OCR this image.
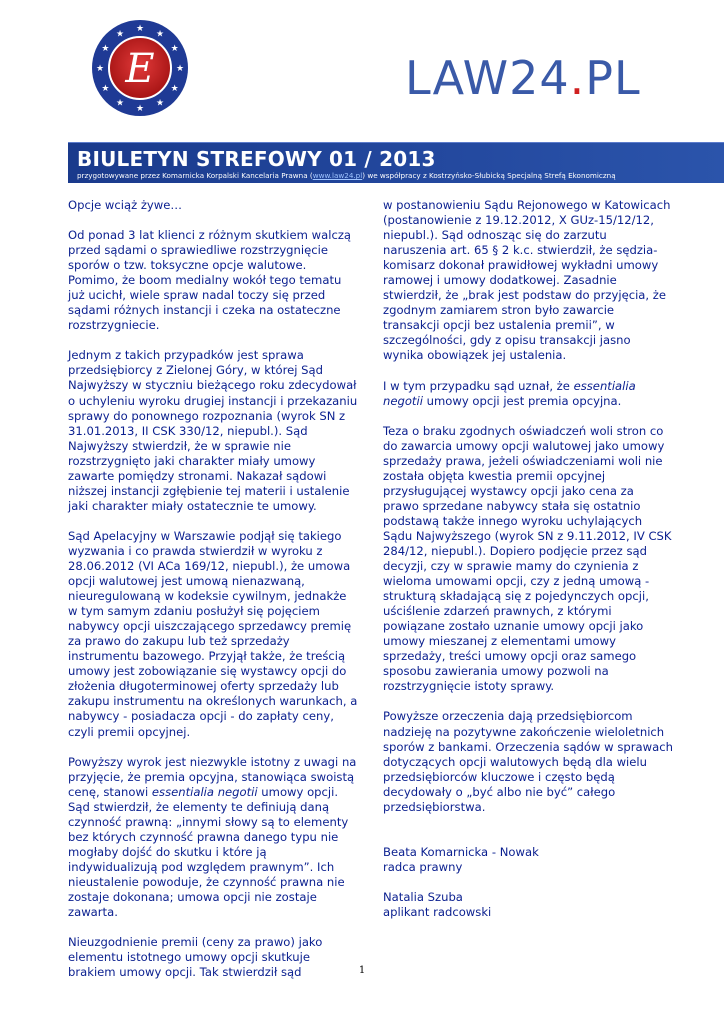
★
★
★
★
★
★
★
★
★
★
★
★
E	LAW24.PL
BIULETYN STREFOWY 01 / 2013
przygotowywane przez Komarnicka Korpalski Kancelaria Prawna (www.law24.pl) we współpracy z Kostrzyńsko-Słubicką Specjalną Strefą Ekonomiczną

Opcje wciąż żywe…

Od ponad 3 lat klienci z różnym skutkiem walczą przed sądami o sprawiedliwe rozstrzygnięcie sporów o tzw. toksyczne opcje walutowe. Pomimo, że boom medialny wokół tego tematu już ucichł, wiele spraw nadal toczy się przed sądami różnych instancji i czeka na ostateczne rozstrzygniecie.

Jednym z takich przypadków jest sprawa przedsiębiorcy z Zielonej Góry, w której Sąd Najwyższy w styczniu bieżącego roku zdecydował o uchyleniu wyroku drugiej instancji i przekazaniu sprawy do ponownego rozpoznania (wyrok SN z 31.01.2013, II CSK 330/12, niepubl.). Sąd Najwyższy stwierdził, że w sprawie nie rozstrzygnięto jaki charakter miały umowy zawarte pomiędzy stronami. Nakazał sądowi niższej instancji zgłębienie tej materii i ustalenie jaki charakter miały ostatecznie te umowy.

Sąd Apelacyjny w Warszawie podjął się takiego wyzwania i co prawda stwierdził w wyroku z 28.06.2012 (VI ACa 169/12, niepubl.), że umowa opcji walutowej jest umową nienazwaną, nieuregulowaną w kodeksie cywilnym, jednakże w tym samym zdaniu posłużył się pojęciem nabywcy opcji uiszczającego sprzedawcy premię za prawo do zakupu lub też sprzedaży instrumentu bazowego. Przyjął także, że treścią umowy jest zobowiązanie się wystawcy opcji do złożenia długoterminowej oferty sprzedaży lub zakupu instrumentu na określonych warunkach, a nabywcy - posiadacza opcji - do zapłaty ceny, czyli premii opcyjnej.

Powyższy wyrok jest niezwykle istotny z uwagi na przyjęcie, że premia opcyjna, stanowiąca swoistą cenę, stanowi essentialia negotii umowy opcji. Sąd stwierdził, że elementy te definiują daną czynność prawną: „innymi słowy są to elementy bez których czynność prawna danego typu nie mogłaby dojść do skutku i które ją indywidualizują pod względem prawnym”. Ich nieustalenie powoduje, że czynność prawna nie zostaje dokonana; umowa opcji nie zostaje zawarta.

Nieuzgodnienie premii (ceny za prawo) jako elementu istotnego umowy opcji skutkuje brakiem umowy opcji. Tak stwierdził sąd

w postanowieniu Sądu Rejonowego w Katowicach (postanowienie z 19.12.2012, X GUz-15/12/12, niepubl.). Sąd odnosząc się do zarzutu naruszenia art. 65 § 2 k.c. stwierdził, że sędzia-komisarz dokonał prawidłowej wykładni umowy ramowej i umowy dodatkowej. Zasadnie stwierdził, że „brak jest podstaw do przyjęcia, że zgodnym zamiarem stron było zawarcie transakcji opcji bez ustalenia premii”, w szczególności, gdy z opisu transakcji jasno wynika obowiązek jej ustalenia.

I w tym przypadku sąd uznał, że essentialia negotii umowy opcji jest premia opcyjna.

Teza o braku zgodnych oświadczeń woli stron co do zawarcia umowy opcji walutowej jako umowy sprzedaży prawa, jeżeli oświadczeniami woli nie została objęta kwestia premii opcyjnej przysługującej wystawcy opcji jako cena za prawo sprzedane nabywcy stała się ostatnio podstawą także innego wyroku uchylających Sądu Najwyższego (wyrok SN z 9.11.2012, IV CSK 284/12, niepubl.). Dopiero podjęcie przez sąd decyzji, czy w sprawie mamy do czynienia z wieloma umowami opcji, czy z jedną umową - strukturą składającą się z pojedynczych opcji, uściślenie zdarzeń prawnych, z którymi powiązane zostało uznanie umowy opcji jako umowy mieszanej z elementami umowy sprzedaży, treści umowy opcji oraz samego sposobu zawierania umowy pozwoli na rozstrzygnięcie istoty sprawy.

Powyższe orzeczenia dają przedsiębiorcom nadzieję na pozytywne zakończenie wieloletnich sporów z bankami. Orzeczenia sądów w sprawach dotyczących opcji walutowych będą dla wielu przedsiębiorców kluczowe i często będą decydowały o „być albo nie być” całego przedsiębiorstwa.

Beata Komarnicka - Nowak
radca prawny
Natalia Szuba
aplikant radcowski
1
